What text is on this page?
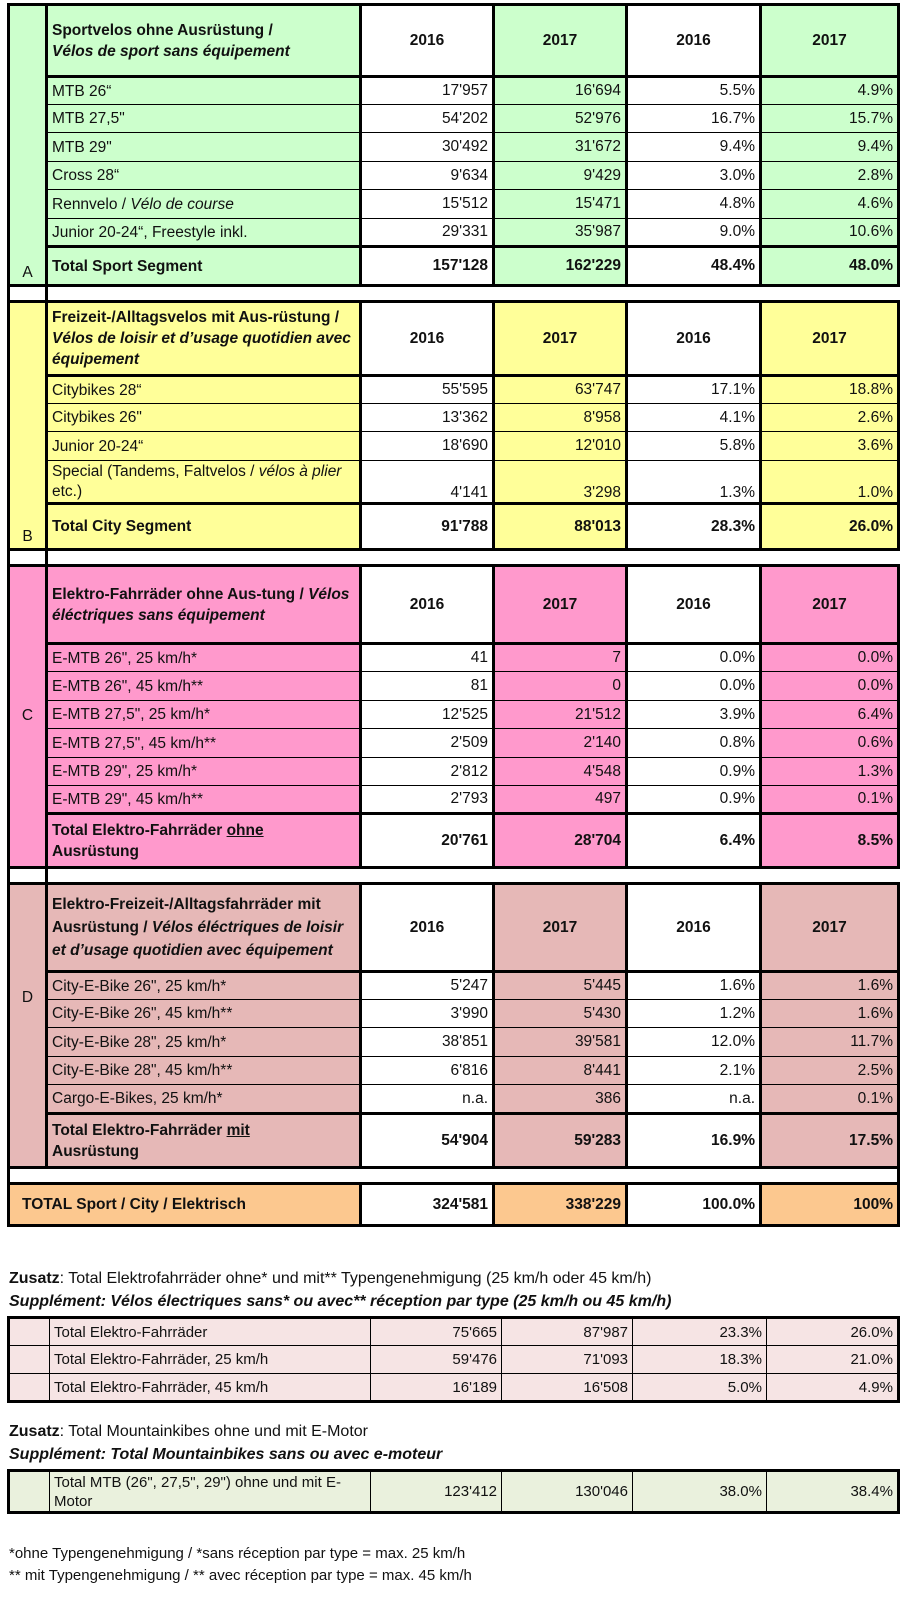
A	Sportvelos ohne Ausrüstung /
Vélos de sport sans équipement	2016	2017	2016	2017
	MTB 26“	17'957	16'694	5.5%	4.9%
	MTB 27,5"	54'202	52'976	16.7%	15.7%
	MTB 29"	30'492	31'672	9.4%	9.4%
	Cross 28“	9'634	9'429	3.0%	2.8%
	Rennvelo / Vélo de course	15'512	15'471	4.8%	4.6%
	Junior 20-24“, Freestyle inkl.	29'331	35'987	9.0%	10.6%
	Total Sport Segment	157'128	162'229	48.4%	48.0%

B	Freizeit-/Alltagsvelos mit Aus-rüstung / Vélos de loisir et d’usage quotidien avec équipement	2016	2017	2016	2017
	Citybikes 28“	55'595	63'747	17.1%	18.8%
	Citybikes 26"	13'362	8'958	4.1%	2.6%
	Junior 20-24“	18'690	12'010	5.8%	3.6%
	Special (Tandems, Faltvelos / vélos à plier etc.)	4'141	3'298	1.3%	1.0%
	Total City Segment	91'788	88'013	28.3%	26.0%

C	Elektro-Fahrräder ohne Aus-tung / Vélos éléctriques sans équipement	2016	2017	2016	2017
	E-MTB 26", 25 km/h*	41	7	0.0%	0.0%
	E-MTB 26", 45 km/h**	81	0	0.0%	0.0%
	E-MTB 27,5", 25 km/h*	12'525	21'512	3.9%	6.4%
	E-MTB 27,5", 45 km/h**	2'509	2'140	0.8%	0.6%
	E-MTB 29", 25 km/h*	2'812	4'548	0.9%	1.3%
	E-MTB 29", 45 km/h**	2'793	497	0.9%	0.1%
	Total Elektro-Fahrräder ohne
Ausrüstung	20'761	28'704	6.4%	8.5%

D	Elektro-Freizeit-/Alltagsfahrräder mit Ausrüstung / Vélos éléctriques de loisir et d’usage quotidien avec équipement	2016	2017	2016	2017
	City-E-Bike 26", 25 km/h*	5'247	5'445	1.6%	1.6%
	City-E-Bike 26", 45 km/h**	3'990	5'430	1.2%	1.6%
	City-E-Bike 28", 25 km/h*	38'851	39'581	12.0%	11.7%
	City-E-Bike 28", 45 km/h**	6'816	8'441	2.1%	2.5%
	Cargo-E-Bikes, 25 km/h*	n.a.	386	n.a.	0.1%
	Total Elektro-Fahrräder mit
Ausrüstung	54'904	59'283	16.9%	17.5%

TOTAL Sport / City / Elektrisch		324'581	338'229	100.0%	100%
Zusatz: Total Elektrofahrräder ohne* und mit** Typengenehmigung (25 km/h oder 45 km/h)
Supplément: Vélos électriques sans* ou avec** réception par type (25 km/h ou 45 km/h)
	Total Elektro-Fahrräder	75'665	87'987	23.3%	26.0%
	Total Elektro-Fahrräder, 25 km/h	59'476	71'093	18.3%	21.0%
	Total Elektro-Fahrräder, 45 km/h	16'189	16'508	5.0%	4.9%
Zusatz: Total Mountainkibes ohne und mit E-Motor
Supplément: Total Mountainbikes sans ou avec e-moteur
	Total MTB (26", 27,5", 29") ohne und mit E-Motor	123'412	130'046	38.0%	38.4%
*ohne Typengenehmigung / *sans réception par type = max. 25 km/h
** mit Typengenehmigung / ** avec réception par type = max. 45 km/h
